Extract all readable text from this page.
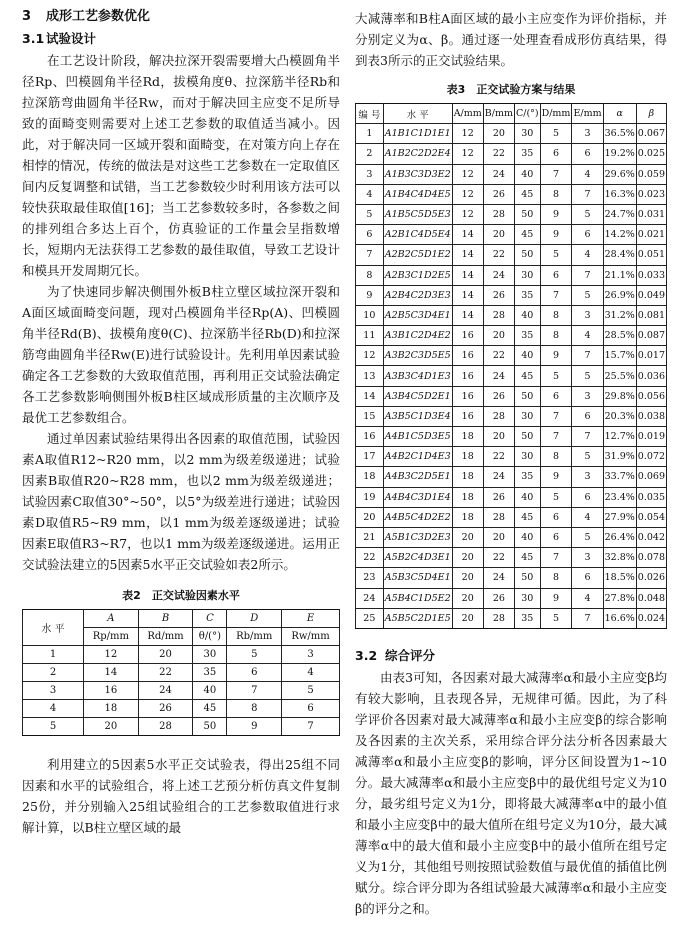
3 成形工艺参数优化
3.1 试验设计

在工艺设计阶段，解决拉深开裂需要增大凸模圆角半径Rp、凹模圆角半径Rd，拔模角度θ、拉深筋半径Rb和拉深筋弯曲圆角半径Rw，而对于解决回主应变不足所导致的面畸变则需要对上述工艺参数的取值适当减小。因此，对于解决同一区域开裂和面畸变，在对策方向上存在相悖的情况，传统的做法是对这些工艺参数在一定取值区间内反复调整和试错，当工艺参数较少时利用该方法可以较快获取最佳取值[16]；当工艺参数较多时，各参数之间的排列组合多达上百个，仿真验证的工作量会呈指数增长，短期内无法获得工艺参数的最佳取值，导致工艺设计和模具开发周期冗长。

为了快速同步解决侧围外板B柱立壁区域拉深开裂和A面区域面畸变问题，现对凸模圆角半径Rp(A)、凹模圆角半径Rd(B)、拔模角度θ(C)、拉深筋半径Rb(D)和拉深筋弯曲圆角半径Rw(E)进行试验设计。先利用单因素试验确定各工艺参数的大致取值范围，再利用正交试验法确定各工艺参数影响侧围外板B柱区域成形质量的主次顺序及最优工艺参数组合。

通过单因素试验结果得出各因素的取值范围，试验因素A取值R12~R20 mm，以2 mm为级差级递进；试验因素B取值R20~R28 mm，也以2 mm为级差级递进；试验因素C取值30°~50°，以5°为级差进行递进；试验因素D取值R5~R9 mm，以1 mm为级差逐级递进；试验因素E取值R3~R7，也以1 mm为级差逐级递进。运用正交试验法建立的5因素5水平正交试验如表2所示。

表2　正交试验因素水平
水 平	A	B	C	D	E
	Rp/mm	Rd/mm	θ/(°)	Rb/mm	Rw/mm
1	12	20	30	5	3
2	14	22	35	6	4
3	16	24	40	7	5
4	18	26	45	8	6
5	20	28	50	9	7

利用建立的5因素5水平正交试验表，得出25组不同因素和水平的试验组合，将上述工艺预分析仿真文件复制25份，并分别输入25组试验组合的工艺参数取值进行求解计算，以B柱立壁区域的最

大减薄率和B柱A面区域的最小主应变作为评价指标，并分别定义为α、β。通过逐一处理查看成形仿真结果，得到表3所示的正交试验结果。

表3　正交试验方案与结果
编 号	水 平	A/mm	B/mm	C/(°)	D/mm	E/mm	α	β
1	A1B1C1D1E1	12	20	30	5	3	36.5%	0.067
2	A1B2C2D2E4	12	22	35	6	6	19.2%	0.025
3	A1B3C3D3E2	12	24	40	7	4	29.6%	0.059
4	A1B4C4D4E5	12	26	45	8	7	16.3%	0.023
5	A1B5C5D5E3	12	28	50	9	5	24.7%	0.031
6	A2B1C4D5E4	14	20	45	9	6	14.2%	0.021
7	A2B2C5D1E2	14	22	50	5	4	28.4%	0.051
8	A2B3C1D2E5	14	24	30	6	7	21.1%	0.033
9	A2B4C2D3E3	14	26	35	7	5	26.9%	0.049
10	A2B5C3D4E1	14	28	40	8	3	31.2%	0.081
11	A3B1C2D4E2	16	20	35	8	4	28.5%	0.087
12	A3B2C3D5E5	16	22	40	9	7	15.7%	0.017
13	A3B3C4D1E3	16	24	45	5	5	25.5%	0.036
14	A3B4C5D2E1	16	26	50	6	3	29.8%	0.056
15	A3B5C1D3E4	16	28	30	7	6	20.3%	0.038
16	A4B1C5D3E5	18	20	50	7	7	12.7%	0.019
17	A4B2C1D4E3	18	22	30	8	5	31.9%	0.072
18	A4B3C2D5E1	18	24	35	9	3	33.7%	0.069
19	A4B4C3D1E4	18	26	40	5	6	23.4%	0.035
20	A4B5C4D2E2	18	28	45	6	4	27.9%	0.054
21	A5B1C3D2E3	20	20	40	6	5	26.4%	0.042
22	A5B2C4D3E1	20	22	45	7	3	32.8%	0.078
23	A5B3C5D4E1	20	24	50	8	6	18.5%	0.026
24	A5B4C1D5E2	20	26	30	9	4	27.8%	0.048
25	A5B5C2D1E5	20	28	35	5	7	16.6%	0.024
3.2 综合评分

由表3可知，各因素对最大减薄率α和最小主应变β均有较大影响，且表现各异，无规律可循。因此，为了科学评价各因素对最大减薄率α和最小主应变β的综合影响及各因素的主次关系，采用综合评分法分析各因素最大减薄率α和最小主应变β的影响，评分区间设置为1~10分。最大减薄率α和最小主应变β中的最优组号定义为10分，最劣组号定义为1分，即将最大减薄率α中的最小值和最小主应变β中的最大值所在组号定义为10分，最大减薄率α中的最大值和最小主应变β中的最小值所在组号定义为1分，其他组号则按照试验数值与最优值的插值比例赋分。综合评分即为各组试验最大减薄率α和最小主应变β的评分之和。
